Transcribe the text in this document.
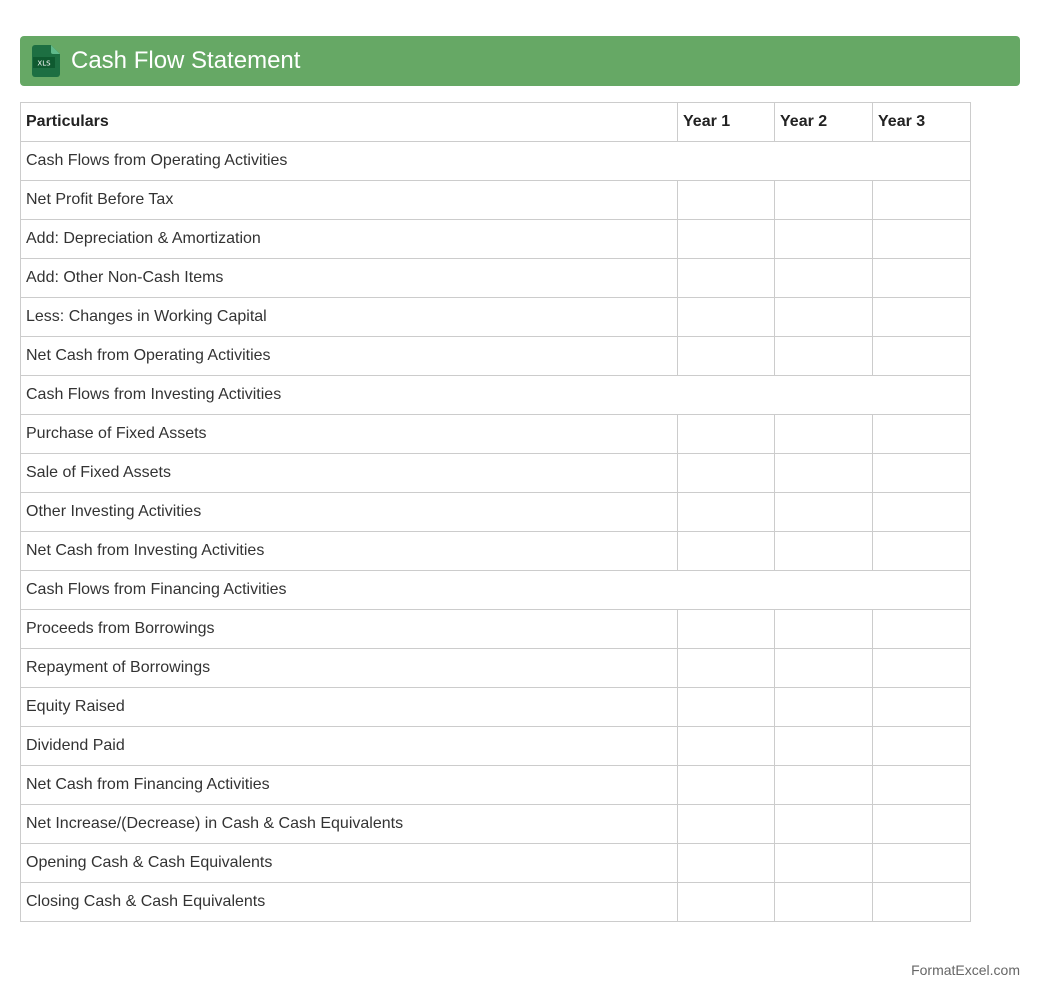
XLS Cash Flow Statement
Particulars	Year 1	Year 2	Year 3
Cash Flows from Operating Activities			
Net Profit Before Tax			
Add: Depreciation & Amortization			
Add: Other Non-Cash Items			
Less: Changes in Working Capital			
Net Cash from Operating Activities			
Cash Flows from Investing Activities			
Purchase of Fixed Assets			
Sale of Fixed Assets			
Other Investing Activities			
Net Cash from Investing Activities			
Cash Flows from Financing Activities			
Proceeds from Borrowings			
Repayment of Borrowings			
Equity Raised			
Dividend Paid			
Net Cash from Financing Activities			
Net Increase/(Decrease) in Cash & Cash Equivalents			
Opening Cash & Cash Equivalents			
Closing Cash & Cash Equivalents			
FormatExcel.com
